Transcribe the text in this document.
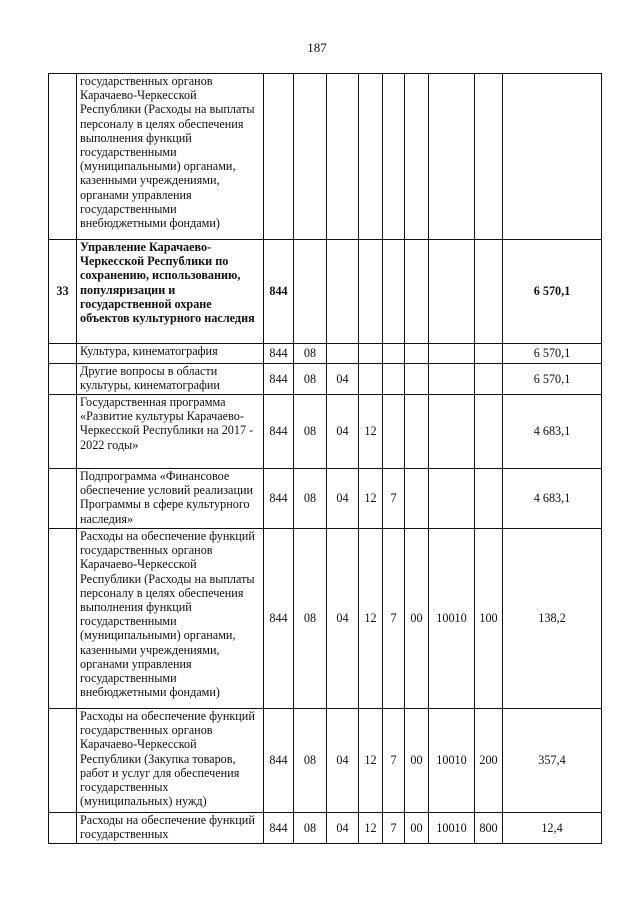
187
	государственных органов Карачаево-Черкесской Республики (Расходы на выплаты персоналу в целях обеспечения выполнения функций государственными (муниципальными) органами, казенными учреждениями, органами управления государственными внебюджетными фондами)									
33	Управление Карачаево-Черкесской Республики по сохранению, использованию, популяризации и государственной охране объектов культурного наследия	844								6 570,1
	Культура, кинематография	844	08							6 570,1
	Другие вопросы в области культуры, кинематографии	844	08	04						6 570,1
	Государственная программа «Развитие культуры Карачаево-Черкесской Республики на 2017 - 2022 годы»	844	08	04	12					4 683,1
	Подпрограмма «Финансовое обеспечение условий реализации Программы в сфере культурного наследия»	844	08	04	12	7				4 683,1
	Расходы на обеспечение функций государственных органов Карачаево-Черкесской Республики (Расходы на выплаты персоналу в целях обеспечения выполнения функций государственными (муниципальными) органами, казенными учреждениями, органами управления государственными внебюджетными фондами)	844	08	04	12	7	00	10010	100	138,2
	Расходы на обеспечение функций государственных органов Карачаево-Черкесской Республики (Закупка товаров, работ и услуг для обеспечения государственных (муниципальных) нужд)	844	08	04	12	7	00	10010	200	357,4
	Расходы на обеспечение функций государственных	844	08	04	12	7	00	10010	800	12,4
